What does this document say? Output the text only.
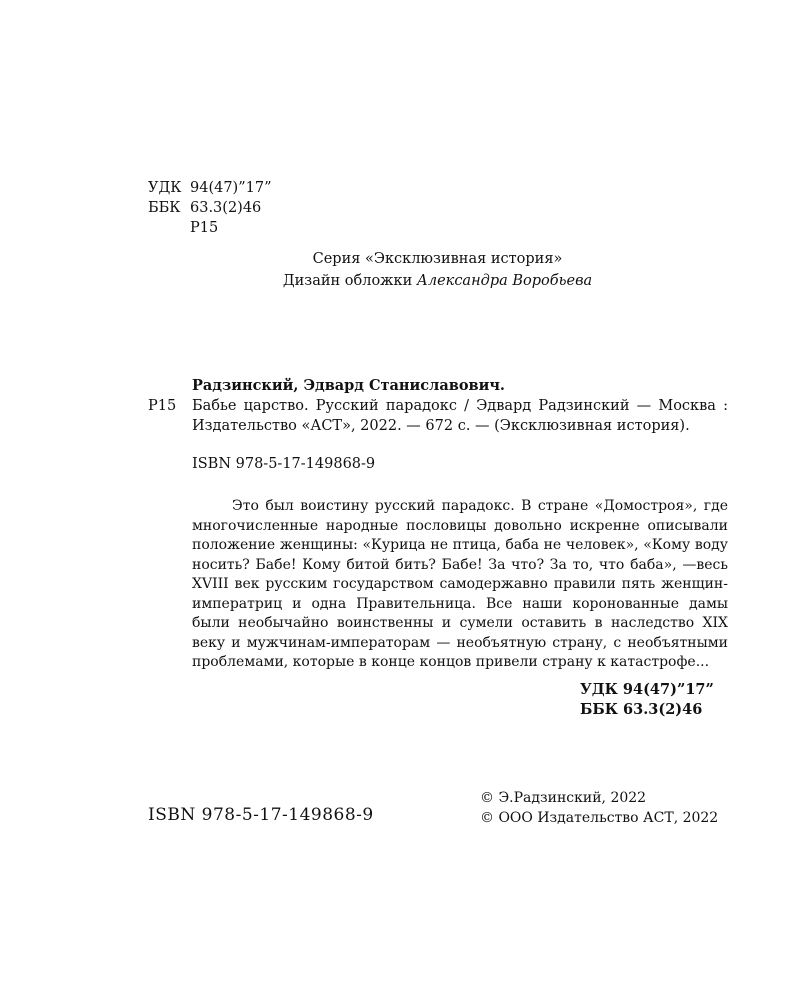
УДК 94(47)”17”
ББК 63.3(2)46
Р15
Серия «Эксклюзивная история»
Дизайн обложки Александра Воробьева
Радзинский, Эдвард Станиславович.
Р15	Бабье царство. Русский парадокс / Эдвард Радзинский — Москва : Издательство «АСТ», 2022. — 672 с. — (Эксклюзивная история).
ISBN 978-5-17-149868-9

Это был воистину русский парадокс. В стране «Домостроя», где многочисленные народные пословицы довольно искренне описывали положение женщины: «Курица не птица, баба не человек», «Кому воду носить? Бабе! Кому битой бить? Бабе! За что? За то, что баба», —весь XVIII век русским государством самодержавно правили пять женщин-императриц и одна Правительница. Все наши коронованные дамы были необычайно воинственны и сумели оставить в наследство XIX веку и мужчинам-императорам — необъятную страну, с необъятными проблемами, которые в конце концов привели страну к катастрофе...

УДК 94(47)”17”
ББК 63.3(2)46
ISBN 978-5-17-149868-9
© Э.Радзинский, 2022
© ООО Издательство АСТ, 2022
